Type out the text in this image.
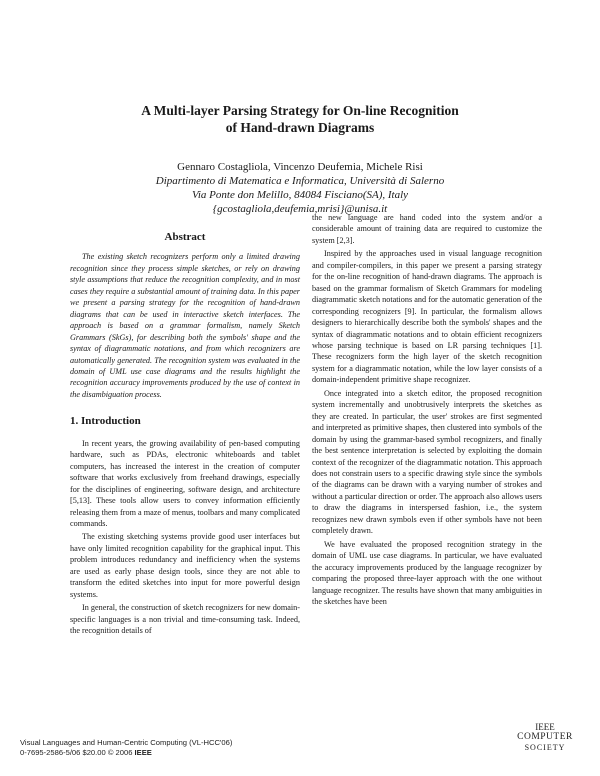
A Multi-layer Parsing Strategy for On-line Recognition
of Hand-drawn Diagrams
Gennaro Costagliola, Vincenzo Deufemia, Michele Risi
Dipartimento di Matematica e Informatica, Università di Salerno
Via Ponte don Melillo, 84084 Fisciano(SA), Italy
{gcostagliola,deufemia,mrisi}@unisa.it
Abstract

The existing sketch recognizers perform only a limited drawing recognition since they process simple sketches, or rely on drawing style assumptions that reduce the recognition complexity, and in most cases they require a substantial amount of training data. In this paper we present a parsing strategy for the recognition of hand-drawn diagrams that can be used in interactive sketch interfaces. The approach is based on a grammar formalism, namely Sketch Grammars (SkGs), for describing both the symbols' shape and the syntax of diagrammatic notations, and from which recognizers are automatically generated. The recognition system was evaluated in the domain of UML use case diagrams and the results highlight the recognition accuracy improvements produced by the use of context in the disambiguation process.

1. Introduction

In recent years, the growing availability of pen-based computing hardware, such as PDAs, electronic whiteboards and tablet computers, has increased the interest in the creation of computer software that works exclusively from freehand drawings, especially for the disciplines of engineering, software design, and architecture [5,13]. These tools allow users to convey information efficiently releasing them from a maze of menus, toolbars and many complicated commands.

The existing sketching systems provide good user interfaces but have only limited recognition capability for the graphical input. This problem introduces redundancy and inefficiency when the systems are used as early phase design tools, since they are not able to transform the edited sketches into input for more powerful design systems.

In general, the construction of sketch recognizers for new domain-specific languages is a non trivial and time-consuming task. Indeed, the recognition details of

the new language are hand coded into the system and/or a considerable amount of training data are required to customize the system [2,3].

Inspired by the approaches used in visual language recognition and compiler-compilers, in this paper we present a parsing strategy for the on-line recognition of hand-drawn diagrams. The approach is based on the grammar formalism of Sketch Grammars for modeling diagrammatic sketch notations and for the automatic generation of the corresponding recognizers [9]. In particular, the formalism allows designers to hierarchically describe both the symbols' shapes and the syntax of diagrammatic notations and to obtain efficient recognizers whose parsing technique is based on LR parsing techniques [1]. These recognizers form the high layer of the sketch recognition system for a diagrammatic notation, while the low layer consists of a domain-independent primitive shape recognizer.

Once integrated into a sketch editor, the proposed recognition system incrementally and unobtrusively interprets the sketches as they are created. In particular, the user' strokes are first segmented and interpreted as primitive shapes, then clustered into symbols of the domain by using the grammar-based symbol recognizers, and finally the best sentence interpretation is selected by exploiting the domain context of the recognizer of the diagrammatic notation. This approach does not constrain users to a specific drawing style since the symbols of the diagrams can be drawn with a varying number of strokes and without a particular direction or order. The approach also allows users to draw the diagrams in interspersed fashion, i.e., the system recognizes new drawn symbols even if other symbols have not been completely drawn.

We have evaluated the proposed recognition strategy in the domain of UML use case diagrams. In particular, we have evaluated the accuracy improvements produced by the language recognizer by comparing the proposed three-layer approach with the one without language recognizer. The results have shown that many ambiguities in the sketches have been

Visual Languages and Human-Centric Computing (VL-HCC'06)
0-7695-2586-5/06 $20.00 © 2006 IEEE
IEEE
COMPUTER
SOCIETY
